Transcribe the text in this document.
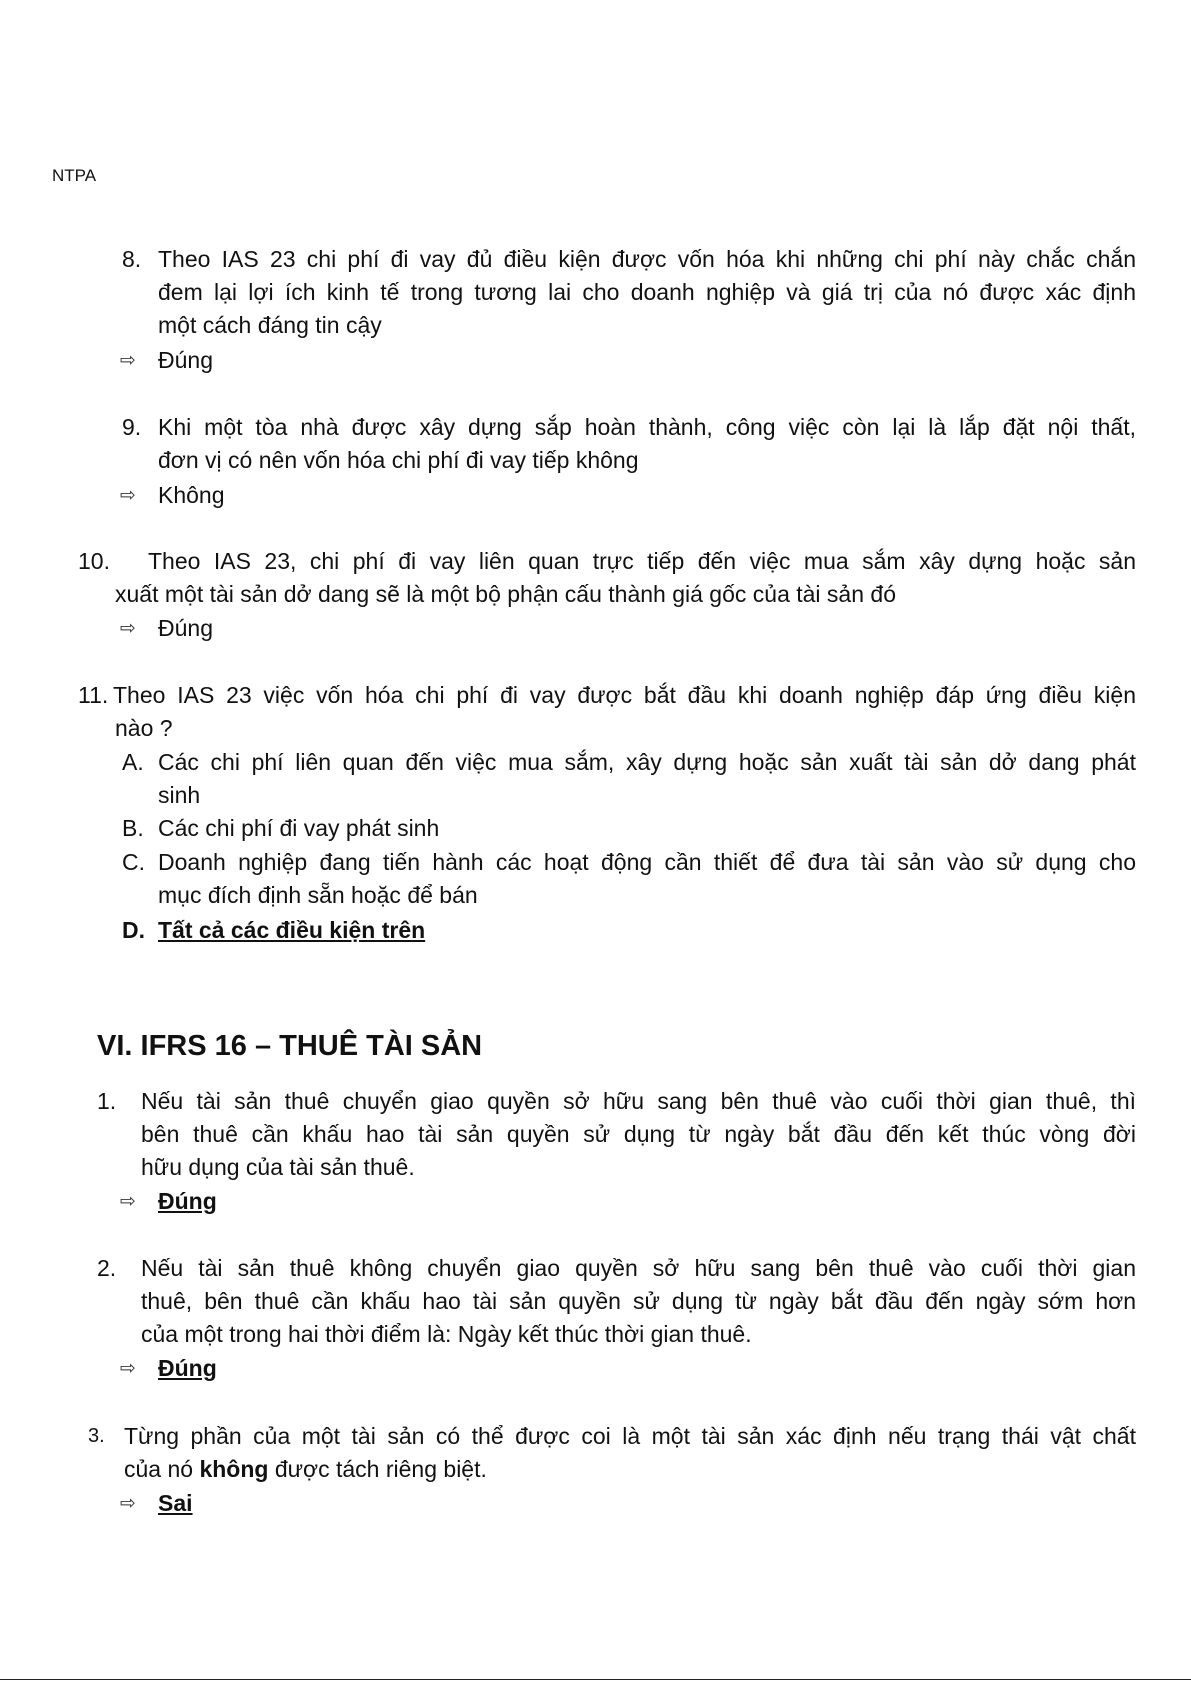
NTPA
8. Theo IAS 23 chi phí đi vay đủ điều kiện được vốn hóa khi những chi phí này chắc chắn
đem lại lợi ích kinh tế trong tương lai cho doanh nghiệp và giá trị của nó được xác định
một cách đáng tin cậy
⇨ Đúng
9. Khi một tòa nhà được xây dựng sắp hoàn thành, công việc còn lại là lắp đặt nội thất,
đơn vị có nên vốn hóa chi phí đi vay tiếp không
⇨ Không
10. Theo IAS 23, chi phí đi vay liên quan trực tiếp đến việc mua sắm xây dựng hoặc sản
xuất một tài sản dở dang sẽ là một bộ phận cấu thành giá gốc của tài sản đó
⇨ Đúng
11. Theo IAS 23 việc vốn hóa chi phí đi vay được bắt đầu khi doanh nghiệp đáp ứng điều kiện
nào ?
A. Các chi phí liên quan đến việc mua sắm, xây dựng hoặc sản xuất tài sản dở dang phát
sinh
B. Các chi phí đi vay phát sinh
C. Doanh nghiệp đang tiến hành các hoạt động cần thiết để đưa tài sản vào sử dụng cho
mục đích định sẵn hoặc để bán
D. Tất cả các điều kiện trên
VI. IFRS 16 – THUÊ TÀI SẢN
1. Nếu tài sản thuê chuyển giao quyền sở hữu sang bên thuê vào cuối thời gian thuê, thì
bên thuê cần khấu hao tài sản quyền sử dụng từ ngày bắt đầu đến kết thúc vòng đời
hữu dụng của tài sản thuê.
⇨ Đúng
2. Nếu tài sản thuê không chuyển giao quyền sở hữu sang bên thuê vào cuối thời gian
thuê, bên thuê cần khấu hao tài sản quyền sử dụng từ ngày bắt đầu đến ngày sớm hơn
của một trong hai thời điểm là: Ngày kết thúc thời gian thuê.
⇨ Đúng
3. Từng phần của một tài sản có thể được coi là một tài sản xác định nếu trạng thái vật chất
của nó không được tách riêng biệt.
⇨ Sai
